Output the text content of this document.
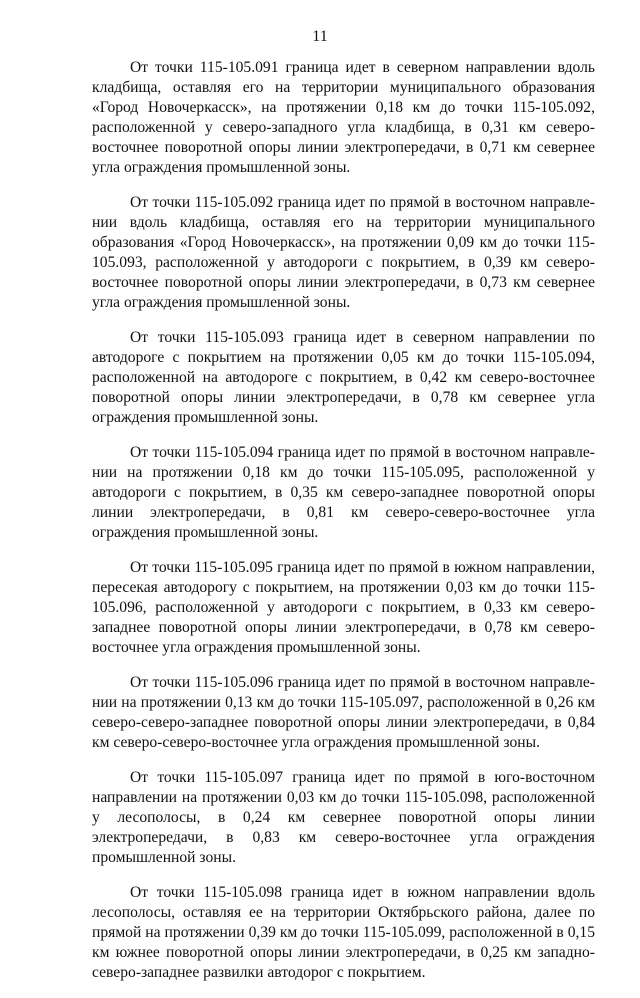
11

От точки 115-105.091 граница идет в северном направлении вдоль кладбища, оставляя его на территории муниципального образования «Город Новочеркасск», на протяжении 0,18 км до точки 115-105.092, расположенной у северо-западного угла кладбища, в 0,31 км северо-восточнее поворотной опоры линии электропередачи, в 0,71 км севернее угла ограждения промышленной зоны.

От точки 115-105.092 граница идет по прямой в восточном направлении вдоль кладбища, оставляя его на территории муниципального образования «Город Новочеркасск», на протяжении 0,09 км до точки 115-105.093, расположенной у автодороги с покрытием, в 0,39 км северо-восточнее поворотной опоры линии электропередачи, в 0,73 км севернее угла ограждения промышленной зоны.

От точки 115-105.093 граница идет в северном направлении по автодороге с покрытием на протяжении 0,05 км до точки 115-105.094, расположенной на автодороге с покрытием, в 0,42 км северо-восточнее поворотной опоры линии электропередачи, в 0,78 км севернее угла ограждения промышленной зоны.

От точки 115-105.094 граница идет по прямой в восточном направлении на протяжении 0,18 км до точки 115-105.095, расположенной у автодороги с покрытием, в 0,35 км северо-западнее поворотной опоры линии электропередачи, в 0,81 км северо-северо-восточнее угла ограждения промышленной зоны.

От точки 115-105.095 граница идет по прямой в южном направлении, пересекая автодорогу с покрытием, на протяжении 0,03 км до точки 115-105.096, расположенной у автодороги с покрытием, в 0,33 км северо-западнее поворотной опоры линии электропередачи, в 0,78 км северо-восточнее угла ограждения промышленной зоны.

От точки 115-105.096 граница идет по прямой в восточном направлении на протяжении 0,13 км до точки 115-105.097, расположенной в 0,26 км северо-северо-западнее поворотной опоры линии электропередачи, в 0,84 км северо-северо-восточнее угла ограждения промышленной зоны.

От точки 115-105.097 граница идет по прямой в юго-восточном направлении на протяжении 0,03 км до точки 115-105.098, расположенной у лесополосы, в 0,24 км севернее поворотной опоры линии электропередачи, в 0,83 км северо-восточнее угла ограждения промышленной зоны.

От точки 115-105.098 граница идет в южном направлении вдоль лесополосы, оставляя ее на территории Октябрьского района, далее по прямой на протяжении 0,39 км до точки 115-105.099, расположенной в 0,15 км южнее поворотной опоры линии электропередачи, в 0,25 км западно-северо-западнее развилки автодорог с покрытием.
